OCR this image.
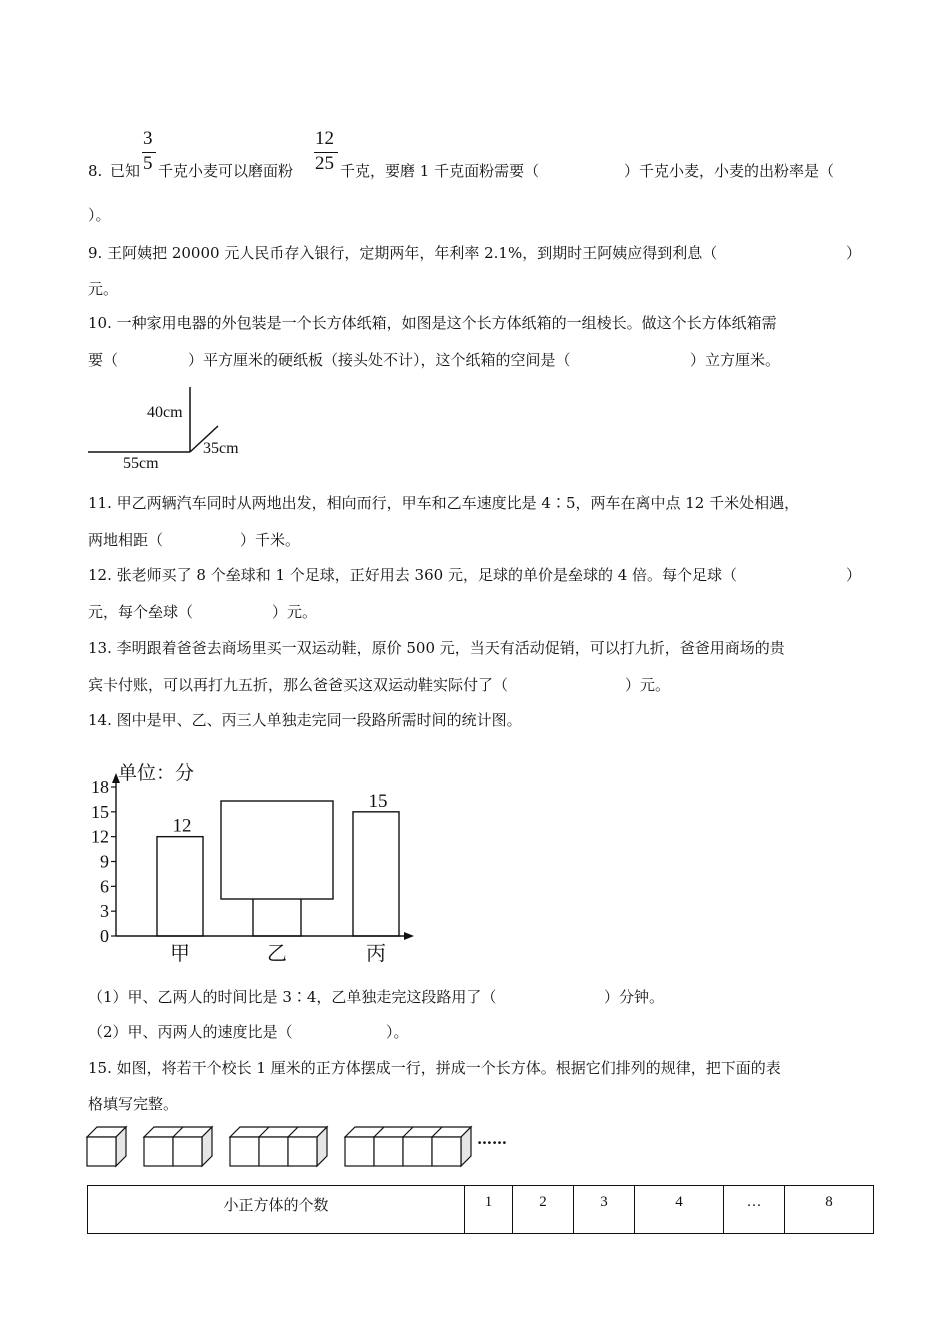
3
5
12
25
8. 已知 千克小麦可以磨面粉	千克，要磨 1 千克面粉需要（	）千克小麦，小麦的出粉率是（
）。
9. 王阿姨把 20000 元人民币存入银行，定期两年，年利率 2.1%，到期时王阿姨应得到利息（	）
元。
10. 一种家用电器的外包装是一个长方体纸箱，如图是这个长方体纸箱的一组棱长。做这个长方体纸箱需
要（	）平方厘米的硬纸板（接头处不计），这个纸箱的空间是（	）立方厘米。
40cm
35cm
55cm
11. 甲乙两辆汽车同时从两地出发，相向而行，甲车和乙车速度比是 4∶5，两车在离中点 12 千米处相遇，
两地相距（	）千米。
12. 张老师买了 8 个垒球和 1 个足球，正好用去 360 元，足球的单价是垒球的 4 倍。每个足球（	）
元，每个垒球（	）元。
13. 李明跟着爸爸去商场里买一双运动鞋，原价 500 元，当天有活动促销，可以打九折，爸爸用商场的贵
宾卡付账，可以再打九五折，那么爸爸买这双运动鞋实际付了（	）元。
14. 图中是甲、乙、丙三人单独走完同一段路所需时间的统计图。
单位：分
0
3
6
9
12
15
18
12
15
甲	乙	丙
（1）甲、乙两人的时间比是 3∶4，乙单独走完这段路用了（	）分钟。
（2）甲、丙两人的速度比是（	）。
15. 如图，将若干个校长 1 厘米的正方体摆成一行，拼成一个长方体。根据它们排列的规律，把下面的表
格填写完整。
……
小正方体的个数	1	2	3	4	…	8
